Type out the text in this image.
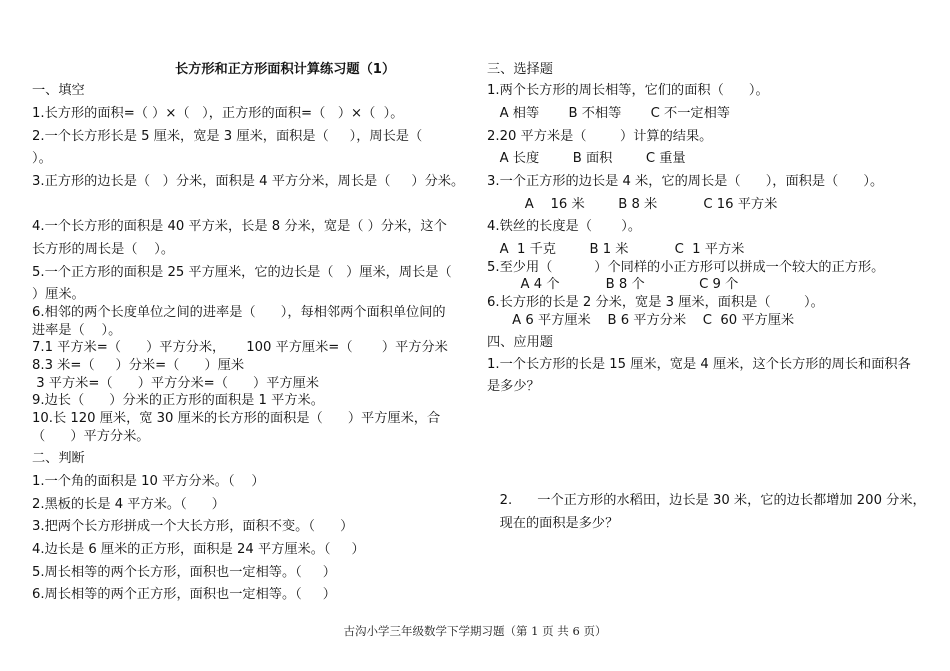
长方形和正方形面积计算练习题（1）
一、填空
1.长方形的面积=（ ）×（   ），正方形的面积=（   ）×（  ）。
2.一个长方形长是 5 厘米，宽是 3 厘米，面积是（     ），周长是（
）。
3.正方形的边长是（   ）分米，面积是 4 平方分米，周长是（     ）分米。
4.一个长方形的面积是 40 平方米，长是 8 分米，宽是（ ）分米，这个
长方形的周长是（    ）。
5.一个正方形的面积是 25 平方厘米，它的边长是（   ）厘米，周长是（
）厘米。
6.相邻的两个长度单位之间的进率是（      ），每相邻两个面积单位间的
进率是（    ）。
7.1 平方米=（      ）平方分米，     100 平方厘米=（       ）平方分米
8.3 米=（     ）分米=（      ）厘米
3 平方米=（      ）平方分米=（      ）平方厘米
9.边长（      ）分米的正方形的面积是 1 平方米。
10.长 120 厘米，宽 30 厘米的长方形的面积是（      ）平方厘米，合
（      ）平方分米。
二、判断
1.一个角的面积是 10 平方分米。（    ）
2.黑板的长是 4 平方米。（      ）
3.把两个长方形拼成一个大长方形，面积不变。（      ）
4.边长是 6 厘米的正方形，面积是 24 平方厘米。（     ）
5.周长相等的两个长方形，面积也一定相等。（     ）
6.周长相等的两个正方形，面积也一定相等。（     ）
三、选择题
1.两个长方形的周长相等，它们的面积（      ）。
A 相等       B 不相等       C 不一定相等
2.20 平方米是（        ）计算的结果。
A 长度        B 面积        C 重量
3.一个正方形的边长是 4 米，它的周长是（      ），面积是（      ）。
A    16 米        B 8 米           C 16 平方米
4.铁丝的长度是（       ）。
A  1 千克        B 1 米           C  1 平方米
5.至少用（          ）个同样的小正方形可以拼成一个较大的正方形。
A 4 个           B 8 个             C 9 个
6.长方形的长是 2 分米，宽是 3 厘米，面积是（        ）。
A 6 平方厘米    B 6 平方分米    C  60 平方厘米
四、应用题
1.一个长方形的长是 15 厘米，宽是 4 厘米，这个长方形的周长和面积各是多少？
2.      一个正方形的水稻田，边长是 30 米，它的边长都增加 200 分米，
现在的面积是多少？
古沟小学三年级数学下学期习题（第 1 页 共 6 页）
